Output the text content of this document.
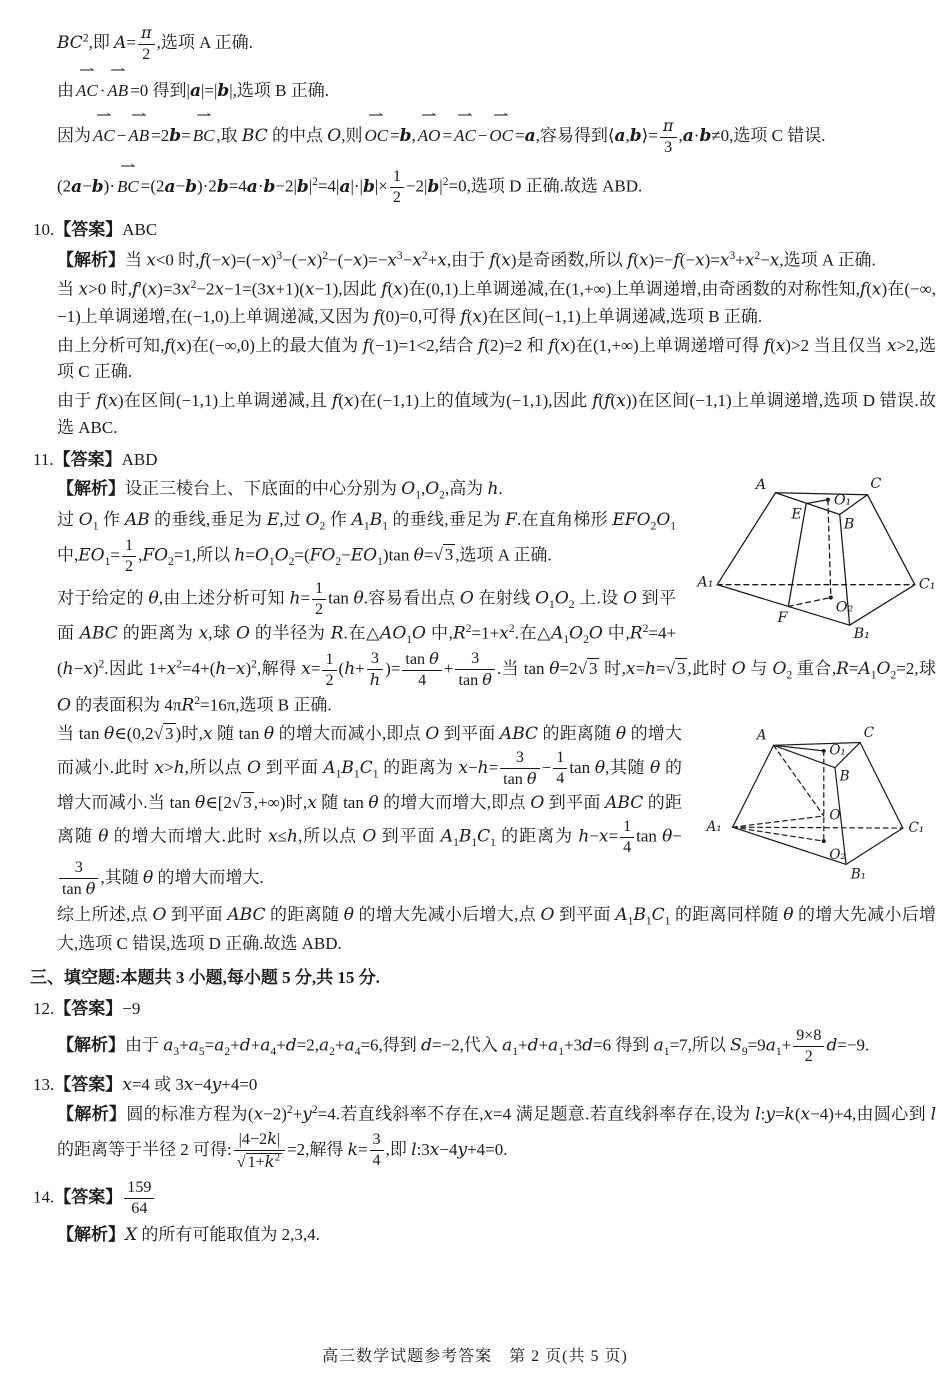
$BC^2$,即 $A= \frac{\pi}{2}$ ,选项 A 正确.
由 ⇀ AC · ⇀ AB =0 得到|a|=|b|,选项 B 正确.
因为 ⇀ AC − ⇀ AB =2b= ⇀ BC ,取 BC 的中点 O,则 ⇀ OC =b, ⇀ AO = ⇀ AC − ⇀ OC =a,容易得到⟨a,b⟩= $\frac{\pi}{3} ,a\cdot b\ne 0$,选项 C 错误.
(2a−b)· ⇀ BC $=(2a-b)\cdot 2b=4a\cdot b-2|b|^2=4|a|\cdot|b|\times \frac{1}{2} -2|b|^2=0$,选项 D 正确.故选 ABD.
10.【答案】ABC
【解析】当 x<0 时$,f(-x)=(-x)^3-(-x)^2-(-x)=-x^3-x^2+x$,由于 f(x)是奇函数,所以 $f(x)=-f(-x)=x^3+x^2-x$,选项 A 正确.
当 x>0 时$,f'(x)=3x^2-2x-1=(3x+1)(x-1)$,因此 f(x)在(0,1)上单调递减,在(1,+∞)上单调递增,由奇函数的对称性知,f(x)在(−∞,−1)上单调递增,在(−1,0)上单调递减,又因为 f(0)=0,可得 f(x)在区间(−1,1)上单调递减,选项 B 正确.
由上分析可知,f(x)在(−∞,0)上的最大值为 f(−1)=1<2,结合 f(2)=2 和 f(x)在(1,+∞)上单调递增可得 f(x)>2 当且仅当 x>2,选项 C 正确.
由于 f(x)在区间(−1,1)上单调递减,且 f(x)在(−1,1)上的值域为(−1,1),因此 f(f(x))在区间(−1,1)上单调递增,选项 D 错误.故选 ABC.
11.【答案】ABD
A	C
E
O₁
B
A₁	C₁
F
O₂
B₁
【解析】设正三棱台上、下底面的中心分别为 $O_1,O_2$,高为 h.
过 $O_1$ 作 AB 的垂线,垂足为 E,过 $O_2$ 作 $A_1B_1$ 的垂线,垂足为 F.在直角梯形 $EFO_2O_1$ 中$,EO_1= \frac{1}{2} ,FO_2=1$,所以 $h=O_1O_2=(FO_2-EO_1)\tan$ θ= √ 3 ,选项 A 正确.
对于给定的 θ,由上述分析可知 $h= \frac{1}{2}$ tan θ.容易看出点 O 在射线 $O_1O_2$ 上.设 O 到平面 ABC 的距离为 x,球 O 的半径为 R.在$\triangle AO_1O$ 中$,R^2=1+x^2$.在$\triangle A_1O_2O$ 中$,R^2=4+(h-x)^2$.因此 $1+x^2=4+(h-x)^2$,解得 $x= \frac{1}{2} (h+ \frac{3}{h}$ )= $\frac{\text{tan θ}}{4} + \frac{3}{\text{tan θ}}$ .当 tan θ=2 √ 3 时,x=h= √ 3 ,此时 O 与 $O_2$ 重合$,R=A_1O_2=2$,球 O 的表面积为 $4\pi R^2=16\pi$,选项 B 正确.
A	C
O₁
B
O
A₁	C₁
O₂
B₁
当 tan θ∈(0,2 √ 3 )时,x 随 tan θ 的增大而减小,即点 O 到平面 ABC 的距离随 θ 的增大而减小.此时 x>h,所以点 O 到平面 $A_1B_1C_1$ 的距离为 $x-h= \frac{3}{\text{tan θ}} - \frac{1}{4}$ tan θ,其随 θ 的增大而减小.当 tan θ∈[2 √ 3 ,+∞)时,x 随 tan θ 的增大而增大,即点 O 到平面 ABC 的距离随 θ 的增大而增大.此时 x≤h,所以点 O 到平面 $A_1B_1C_1$ 的距离为 $h-x= \frac{1}{4}$ tan θ−
$\frac{3}{\text{tan θ}}$ ,其随 θ 的增大而增大.
综上所述,点 O 到平面 ABC 的距离随 θ 的增大先减小后增大,点 O 到平面 $A_1B_1C_1$ 的距离同样随 θ 的增大先减小后增大,选项 C 错误,选项 D 正确.故选 ABD.
三、填空题:本题共 3 小题,每小题 5 分,共 15 分.
12.【答案】−9
【解析】由于 $a_3+a_5=a_2+d+a_4+d=2,a_2+a_4=6$,得到 d=−2,代入 $a_1+d+a_1+3d=6$ 得到 $a_1=7$,所以 $S_9=9a_1+ \frac{9\times 8}{2} d=-9$.
13.【答案】x=4 或 3x−4y+4=0
【解析】圆的标准方程为$(x-2)^2+y^2=4$.若直线斜率不存在,x=4 满足题意.若直线斜率存在,设为 l:y=k(x−4)+4,由圆心到 l 的距离等于半径 2 可得: |4−2k|
√ $1+k^2 =2$,解得 $k= \frac{3}{4}$ ,即 l:3x−4y+4=0.
14.【答案】 $\frac{159}{64}$
【解析】X 的所有可能取值为 2,3,4.
高三数学试题参考答案　第 2 页(共 5 页)
